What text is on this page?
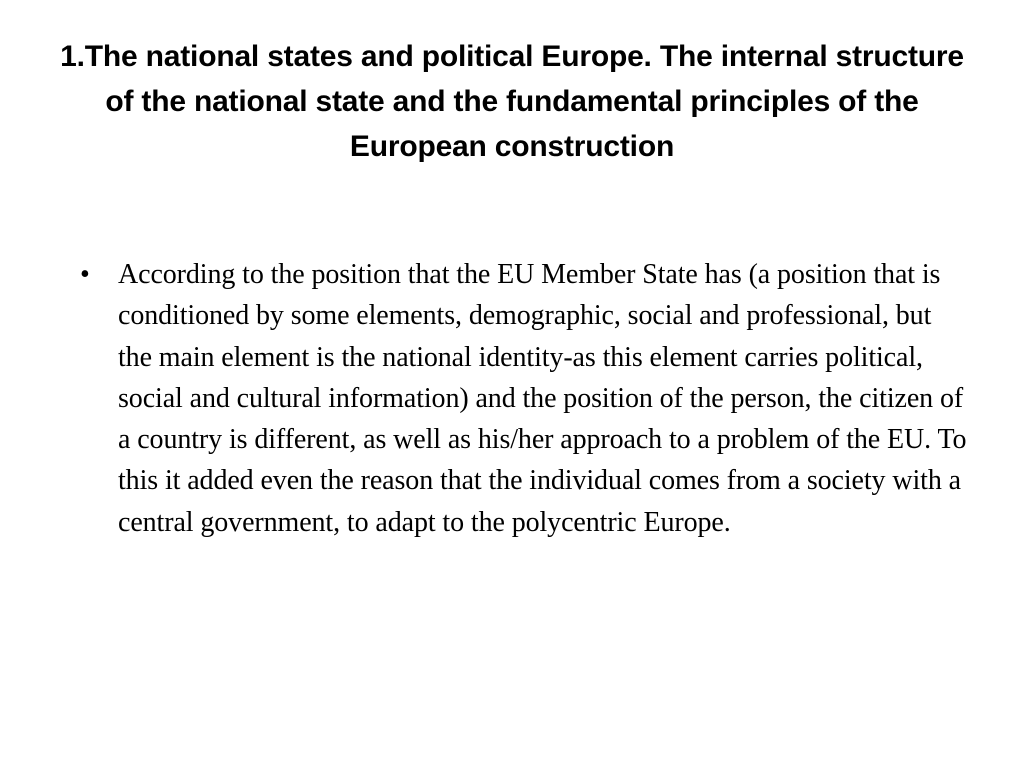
1.The national states and political Europe. The internal structure of the national state and the fundamental principles of the European construction
• According to the position that the EU Member State has (a position that is conditioned by some elements, demographic, social and professional, but the main element is the national identity-as this element carries political, social and cultural information) and the position of the person, the citizen of a country is different, as well as his/her approach to a problem of the EU. To this it added even the reason that the individual comes from a society with a central government, to adapt to the polycentric Europe.
